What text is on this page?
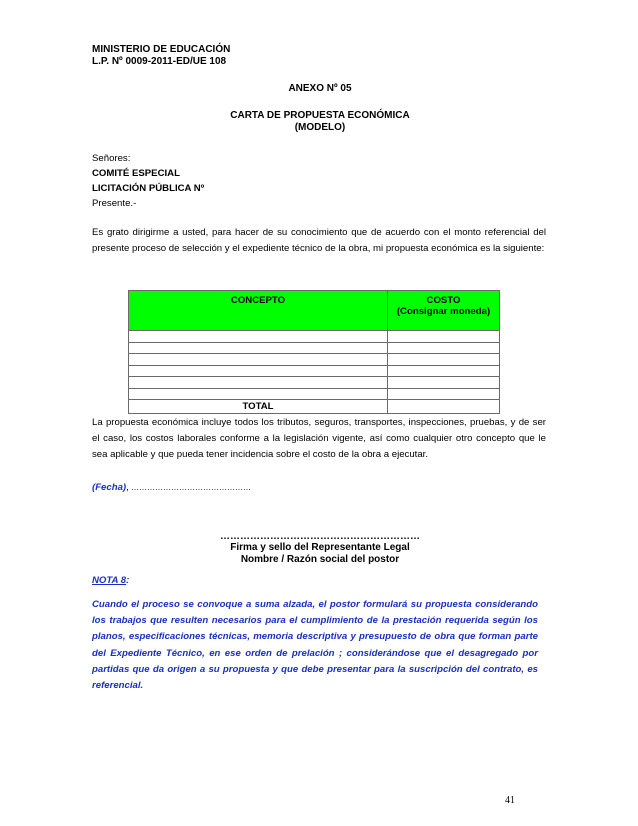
MINISTERIO DE EDUCACIÓN
L.P. Nº 0009-2011-ED/UE 108
ANEXO Nº 05
CARTA DE PROPUESTA ECONÓMICA
(MODELO)
Señores:
COMITÉ ESPECIAL
LICITACIÓN PÚBLICA Nº
Presente.-
Es grato dirigirme a usted, para hacer de su conocimiento que de acuerdo con el monto referencial del presente proceso de selección y el expediente técnico de la obra, mi propuesta económica es la siguiente:
CONCEPTO	COSTO
(Consignar moneda)

TOTAL	
La propuesta económica incluye todos los tributos, seguros, transportes, inspecciones, pruebas, y de ser el caso, los costos laborales conforme a la legislación vigente, así como cualquier otro concepto que le sea aplicable y que pueda tener incidencia sobre el costo de la obra a ejecutar.
(Fecha), ………………………………………
……………………………………………………
Firma y sello del Representante Legal
Nombre / Razón social del postor
NOTA 8:
Cuando el proceso se convoque a suma alzada, el postor formulará su propuesta considerando los trabajos que resulten necesarios para el cumplimiento de la prestación requerida según los planos, especificaciones técnicas, memoria descriptiva y presupuesto de obra que forman parte del Expediente Técnico, en ese orden de prelación ; considerándose que el desagregado por partidas que da origen a su propuesta y que debe presentar para la suscripción del contrato, es referencial.
41
